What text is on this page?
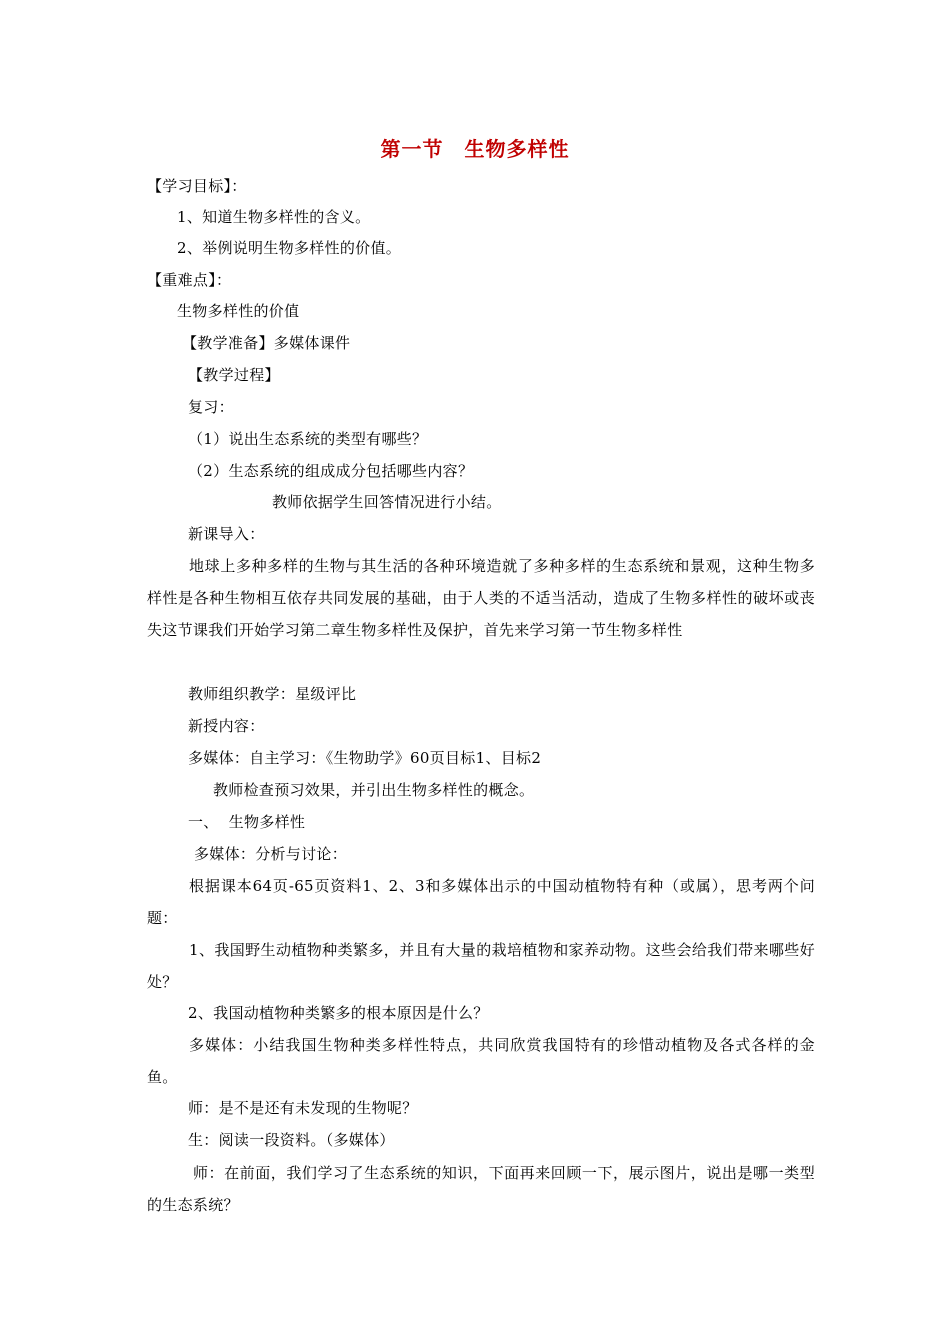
第一节　生物多样性
【学习目标】：
1、知道生物多样性的含义。
2、举例说明生物多样性的价值。
【重难点】：
生物多样性的价值
【教学准备】多媒体课件
【教学过程】
复习：
（1）说出生态系统的类型有哪些？
（2）生态系统的组成成分包括哪些内容？
教师依据学生回答情况进行小结。
新课导入：
地球上多种多样的生物与其生活的各种环境造就了多种多样的生态系统和景观，这种生物多样性是各种生物相互依存共同发展的基础，由于人类的不适当活动，造成了生物多样性的破坏或丧失这节课我们开始学习第二章生物多样性及保护，首先来学习第一节生物多样性
教师组织教学：星级评比
新授内容：
多媒体：自主学习：《生物助学》60页目标1、目标2
教师检查预习效果，并引出生物多样性的概念。
一、  生物多样性
多媒体：分析与讨论：
根据课本64页-65页资料1、2、3和多媒体出示的中国动植物特有种（或属），思考两个问题：
1、我国野生动植物种类繁多，并且有大量的栽培植物和家养动物。这些会给我们带来哪些好处？
2、我国动植物种类繁多的根本原因是什么？
多媒体：小结我国生物种类多样性特点，共同欣赏我国特有的珍惜动植物及各式各样的金鱼。
师：是不是还有未发现的生物呢？
生：阅读一段资料。（多媒体）
师：在前面，我们学习了生态系统的知识，下面再来回顾一下，展示图片，说出是哪一类型的生态系统？
